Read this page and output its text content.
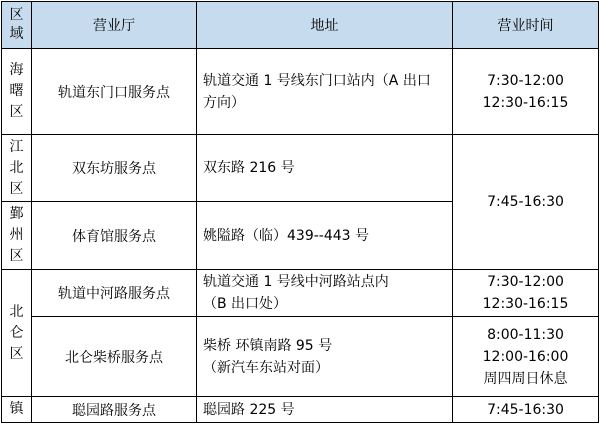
区
域	营业厅	地址	营业时间

海
曙
区	轨道东门口服务点	轨道交通 1 号线东门口站内（A 出口
方向）	7:30-12:00
12:30-16:15

江
北
区	双东坊服务点	双东路 216 号	7:45-16:30

鄞
州
区	体育馆服务点	姚隘路（临）439--443 号	

北
仑
区	轨道中河路服务点	轨道交通 1 号线中河路站点内
（B 出口处）	7:30-12:00
12:30-16:15

	北仑柴桥服务点	柴桥 环镇南路 95 号
（新汽车东站对面）	8:00-11:30
12:00-16:00
周四周日休息

镇	聪园路服务点	聪园路 225 号	7:45-16:30
